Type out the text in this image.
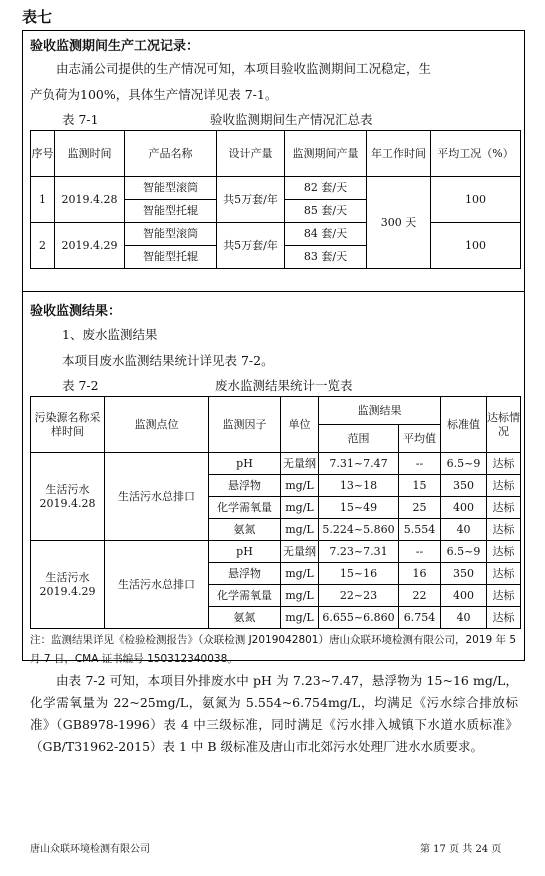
表七
验收监测期间生产工况记录：
由志涌公司提供的生产情况可知，本项目验收监测期间工况稳定，生
产负荷为100%，具体生产情况详见表 7-1。
表 7-1	验收监测期间生产情况汇总表
序号	监测时间	产品名称	设计产量	监测期间产量	年工作时间	平均工况（%）
1	2019.4.28	智能型滚筒	共5万套/年	82 套/天	300 天	100
		智能型托辊		85 套/天		
2	2019.4.29	智能型滚筒	共5万套/年	84 套/天		100
		智能型托辊		83 套/天		
验收监测结果：
1、废水监测结果
本项目废水监测结果统计详见表 7-2。
表 7-2	废水监测结果统计一览表
污染源名称采样时间	监测点位	监测因子	单位	监测结果		标准值	达标情况
				范围	平均值		

生活污水
2019.4.28	生活污水总排口	pH	无量纲	7.31~7.47	--	6.5~9	达标
		悬浮物	mg/L	13~18	15	350	达标
		化学需氧量	mg/L	15~49	25	400	达标
		氨氮	mg/L	5.224~5.860	5.554	40	达标

生活污水
2019.4.29	生活污水总排口	pH	无量纲	7.23~7.31	--	6.5~9	达标
		悬浮物	mg/L	15~16	16	350	达标
		化学需氧量	mg/L	22~23	22	400	达标
		氨氮	mg/L	6.655~6.860	6.754	40	达标
注：监测结果详见《检验检测报告》（众联检测 J2019042801）唐山众联环境检测有限公司，2019 年 5 月 7 日，CMA 证书编号 150312340038。
由表 7-2 可知，本项目外排废水中 pH 为 7.23~7.47，悬浮物为 15~16 mg/L，化学需氧量为 22~25mg/L，氨氮为 5.554~6.754mg/L，均满足《污水综合排放标准》（GB8978-1996）表 4 中三级标准，同时满足《污水排入城镇下水道水质标准》（GB/T31962-2015）表 1 中 B 级标准及唐山市北郊污水处理厂进水水质要求。
唐山众联环境检测有限公司	第 17 页 共 24 页
